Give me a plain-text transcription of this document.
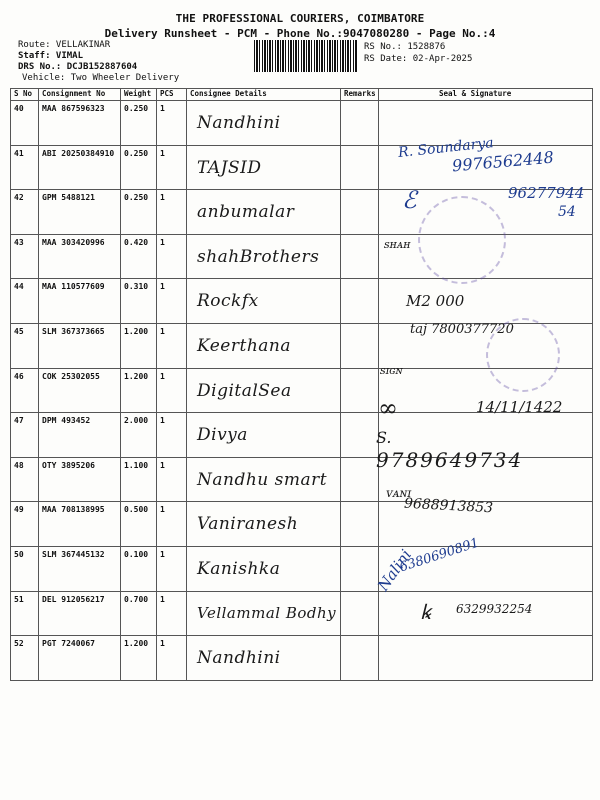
THE PROFESSIONAL COURIERS, COIMBATORE
Delivery Runsheet - PCM - Phone No.:9047080280 - Page No.:4
Route: VELLAKINAR
Staff: VIMAL
DRS No.: DCJB152887604
Vehicle: Two Wheeler Delivery
RS No.: 1528876
RS Date: 02-Apr-2025
S No	Consignment No	Weight	PCS	Consignee Details	Remarks	Seal & Signature
40	MAA 867596323	0.250	1	Nandhini		

41	ABI 20250384910	0.250	1	TAJSID		

42	GPM 5488121	0.250	1	anbumalar		

43	MAA 303420996	0.420	1	shahBrothers		

44	MAA 110577609	0.310	1	Rockfx		

45	SLM 367373665	1.200	1	Keerthana		

46	COK 25302055	1.200	1	DigitalSea		

47	DPM 493452	2.000	1	Divya		

48	OTY 3895206	1.100	1	Nandhu smart		

49	MAA 708138995	0.500	1	Vaniranesh		

50	SLM 367445132	0.100	1	Kanishka		

51	DEL 912056217	0.700	1	Vellammal Bodhy		

52	PGT 7240067	1.200	1	Nandhini		

R. Soundarya
9976562448
96277944
54
ℰ
ꜱʜᴀʜ
M2 000
taj 7800377720
ꜱɪɢɴ
14/11/1422
∞
S.
9789649734
ᴠᴀɴɪ
9688913853
Nalini
6380690891
ꝃ 6329932254
